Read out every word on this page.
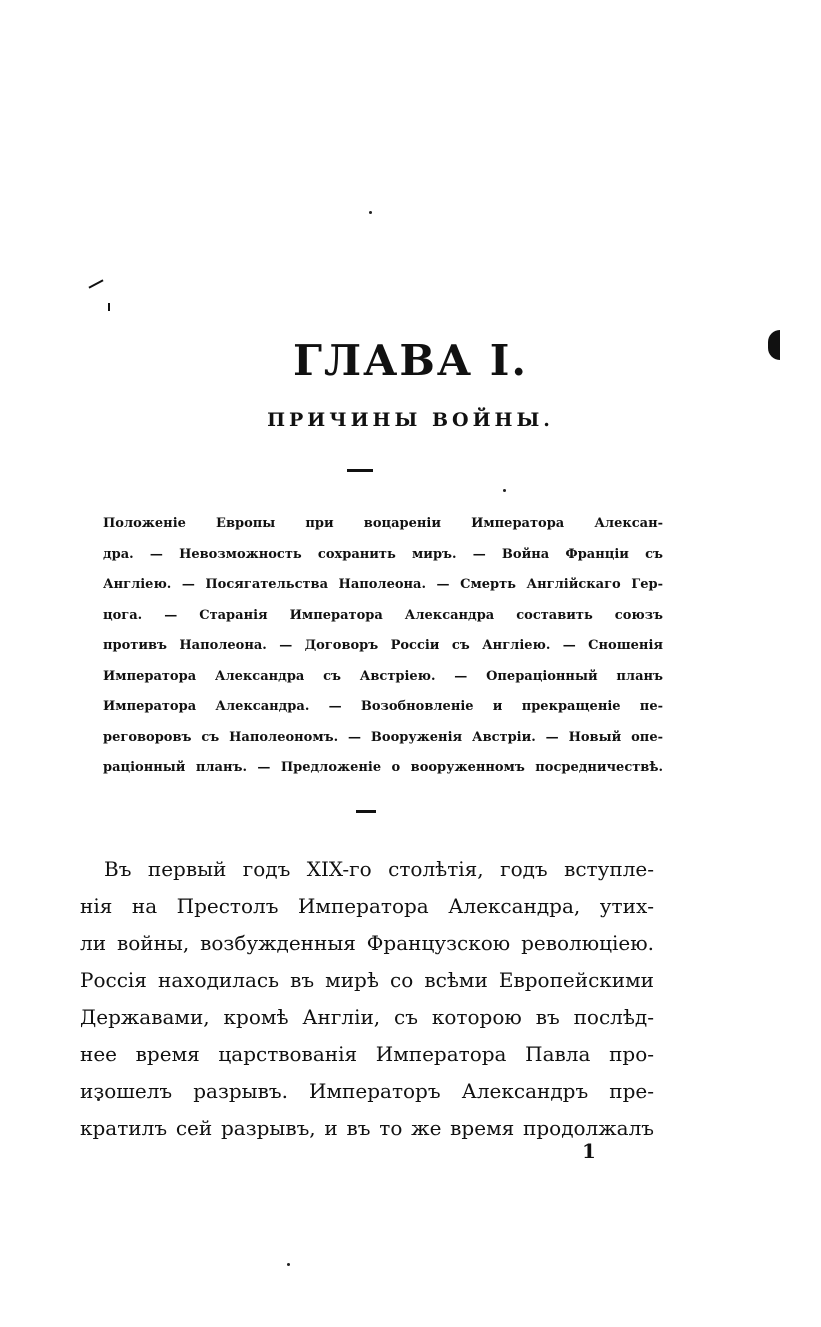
ГЛАВА I.
ПРИЧИНЫ ВОЙНЫ.
Положенiе Европы при воцаренiи Императора Алексан-
дра. — Невозможность сохранить миръ. — Война Францiи съ
Англiею. — Посягательства Наполеона. — Смерть Англiйскаго Гер-
цога. — Старанiя Императора Александра составить союзъ
противъ Наполеона. — Договоръ Россiи съ Англiею. — Сношенiя
Императора Александра съ Австрiею. — Операцiонный планъ
Императора Александра. — Возобновленiе и прекращенiе пе-
реговоровъ съ Наполеономъ. — Вооруженiя Австрiи. — Новый опе-
рацiонный планъ. — Предложенiе о вооруженномъ посредничествѣ.
Въ первый годъ XIX-го столѣтiя, годъ вступле-
нiя на Престолъ Императора Александра, утих-
ли войны, возбужденныя Французскою революцiею.
Россiя находилась въ мирѣ со всѣми Европейскими
Державами, кромѣ Англiи, съ которою въ послѣд-
нее время царствованiя Императора Павла про-
изошелъ разрывъ. Императоръ Александръ пре-
кратилъ сей разрывъ, и въ то же время продолжалъ
1
